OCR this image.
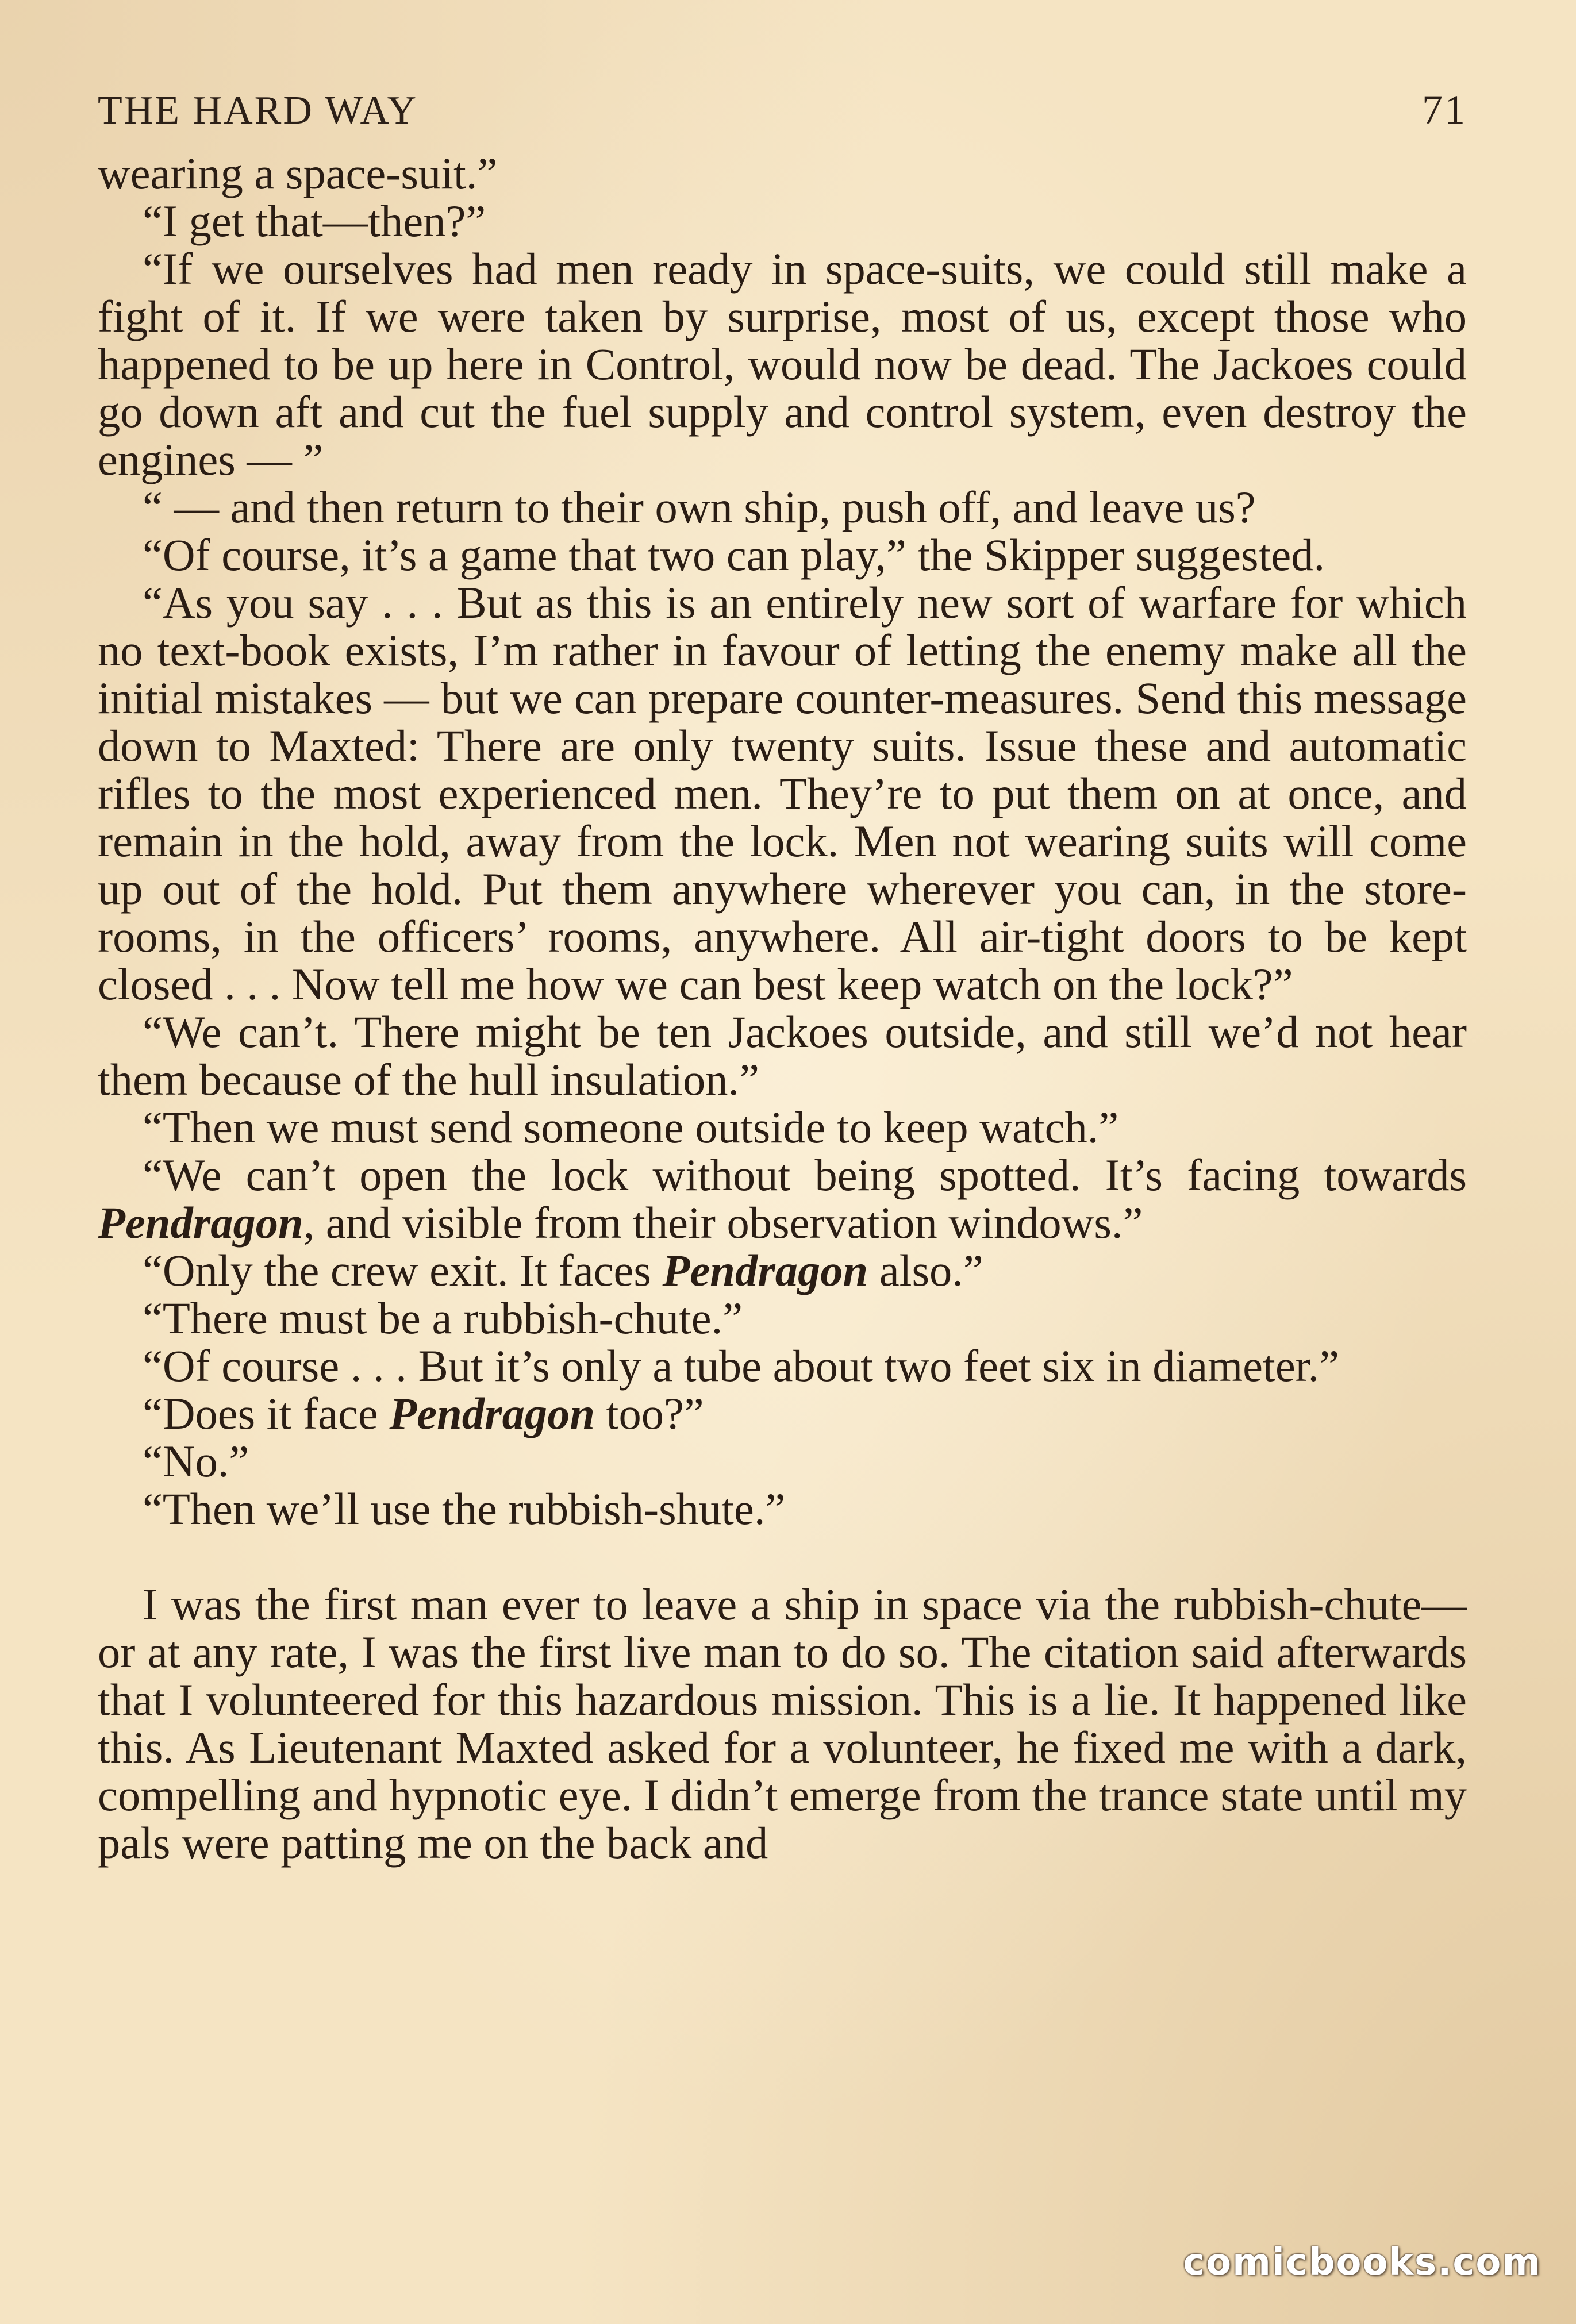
THE HARD WAY	71

wearing a space-suit.”

“I get that—then?”

“If we ourselves had men ready in space-suits, we could still make a fight of it. If we were taken by surprise, most of us, except those who happened to be up here in Control, would now be dead. The Jackoes could go down aft and cut the fuel supply and control system, even destroy the engines — ”

“ — and then return to their own ship, push off, and leave us?

“Of course, it’s a game that two can play,” the Skipper suggested.

“As you say . . . But as this is an entirely new sort of warfare for which no text-book exists, I’m rather in favour of letting the enemy make all the initial mistakes — but we can prepare counter-measures. Send this message down to Maxted: There are only twenty suits. Issue these and automatic rifles to the most experienced men. They’re to put them on at once, and remain in the hold, away from the lock. Men not wearing suits will come up out of the hold. Put them anywhere wherever you can, in the store-rooms, in the officers’ rooms, anywhere. All air-tight doors to be kept closed . . . Now tell me how we can best keep watch on the lock?”

“We can’t. There might be ten Jackoes outside, and still we’d not hear them because of the hull insulation.”

“Then we must send someone outside to keep watch.”

“We can’t open the lock without being spotted. It’s facing towards Pendragon, and visible from their observation windows.”

“Only the crew exit. It faces Pendragon also.”

“There must be a rubbish-chute.”

“Of course . . . But it’s only a tube about two feet six in diameter.”

“Does it face Pendragon too?”

“No.”

“Then we’ll use the rubbish-shute.”

I was the first man ever to leave a ship in space via the rubbish-chute—or at any rate, I was the first live man to do so. The citation said afterwards that I volunteered for this hazardous mission. This is a lie. It happened like this. As Lieutenant Maxted asked for a volunteer, he fixed me with a dark, compelling and hypnotic eye. I didn’t emerge from the trance state until my pals were patting me on the back and

comicbooks.com
